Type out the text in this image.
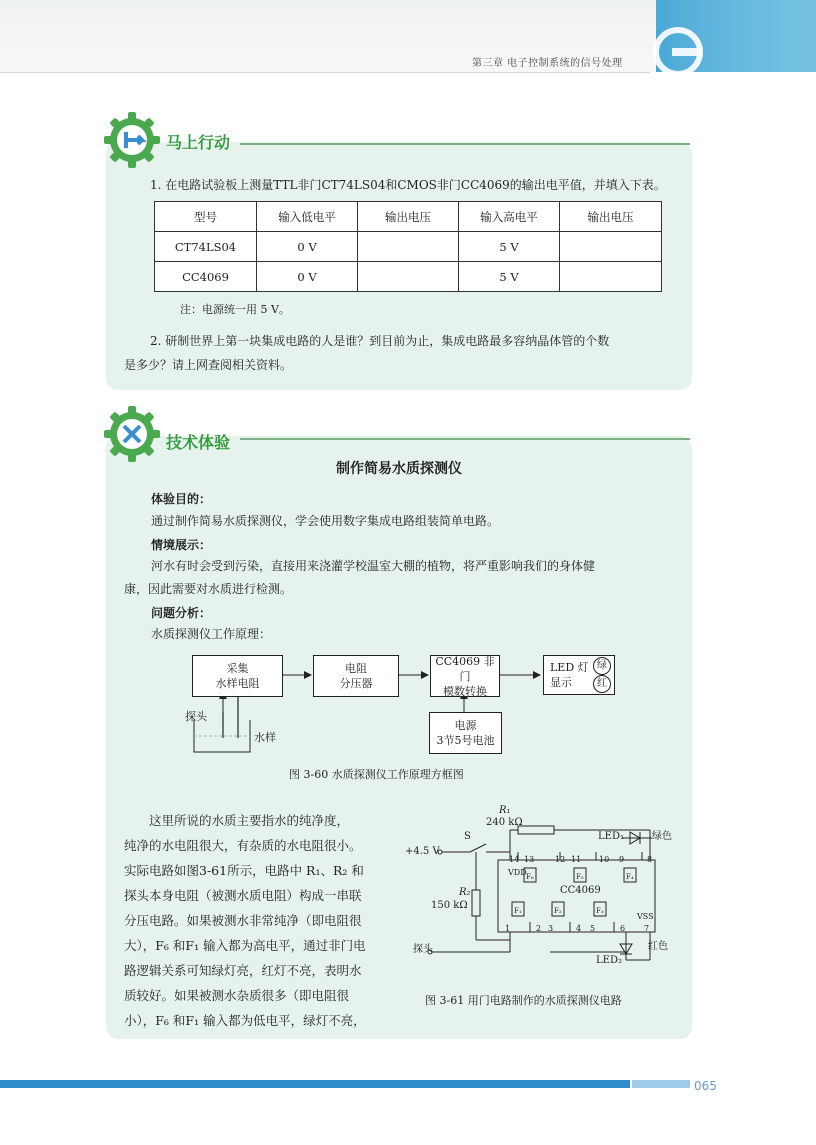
第三章 电子控制系统的信号处理
马上行动
1. 在电路试验板上测量TTL非门CT74LS04和CMOS非门CC4069的输出电平值，并填入下表。
型号	输入低电平	输出电压	输入高电平	输出电压
CT74LS04	0 V		5 V	
CC4069	0 V		5 V	
注：电源统一用 5 V。
2. 研制世界上第一块集成电路的人是谁？到目前为止，集成电路最多容纳晶体管的个数
是多少？请上网查阅相关资料。
技术体验
制作简易水质探测仪
体验目的：
通过制作简易水质探测仪，学会使用数字集成电路组装简单电路。
情境展示：
河水有时会受到污染，直接用来浇灌学校温室大棚的植物，将严重影响我们的身体健
康，因此需要对水质进行检测。
问题分析：
水质探测仪工作原理：
采集
水样电阻
电阻
分压器
CC4069 非门
模数转换
LED 灯
显示
绿
红
电源
3节5号电池
探头
水样
图 3-60 水质探测仪工作原理方框图
这里所说的水质主要指水的纯净度，
纯净的水电阻很大，有杂质的水电阻很小。
实际电路如图3-61所示，电路中 R₁、R₂ 和
探头本身电阻（被测水质电阻）构成一串联
分压电路。如果被测水非常纯净（即电阻很
大），F₆ 和F₁ 输入都为高电平，通过非门电
路逻辑关系可知绿灯亮，红灯不亮，表明水
质较好。如果被测水杂质很多（即电阻很
小），F₆ 和F₁ 输入都为低电平，绿灯不亮，
R₁
240 kΩ
+4.5 V
S
R₂
150 kΩ
CC4069
VDD
VSS
LED₁	绿色
LED₂
红色
探头
14 13	12 11 10 9	8
1	2 3	4 5	6 7
F₆	F₅	F₄
F₁	F₂	F₃
图 3-61 用门电路制作的水质探测仪电路
065
